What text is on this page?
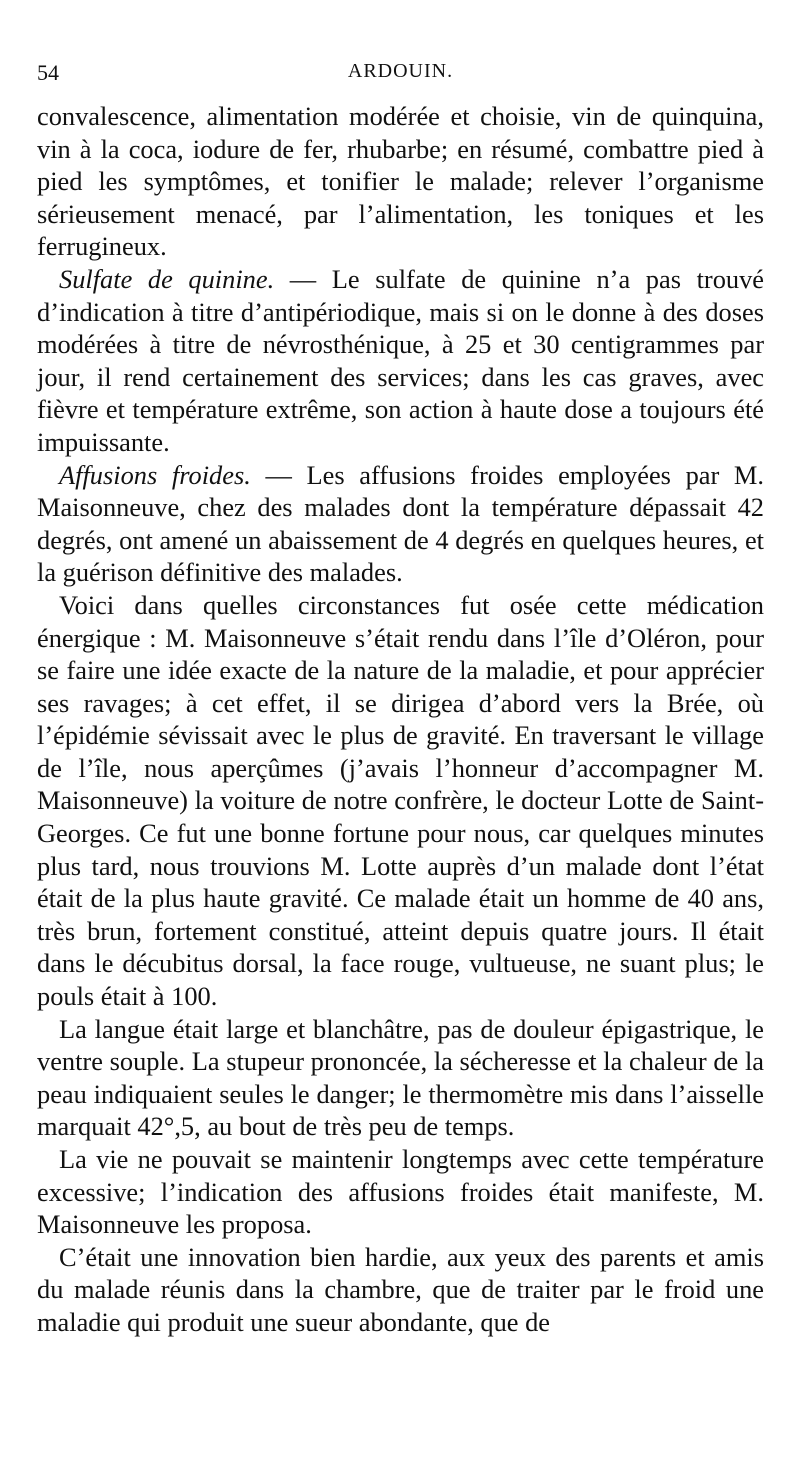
54	ARDOUIN.

convalescence, alimentation modérée et choisie, vin de quinquina, vin à la coca, iodure de fer, rhubarbe; en résumé, combattre pied à pied les symptômes, et tonifier le malade; relever l’organisme sérieusement menacé, par l’alimentation, les toniques et les ferrugineux.

Sulfate de quinine. — Le sulfate de quinine n’a pas trouvé d’indication à titre d’antipériodique, mais si on le donne à des doses modérées à titre de névrosthénique, à 25 et 30 centigrammes par jour, il rend certainement des services; dans les cas graves, avec fièvre et température extrême, son action à haute dose a toujours été impuissante.

Affusions froides. — Les affusions froides employées par M. Maisonneuve, chez des malades dont la température dépassait 42 degrés, ont amené un abaissement de 4 degrés en quelques heures, et la guérison définitive des malades.

Voici dans quelles circonstances fut osée cette médication énergique : M. Maisonneuve s’était rendu dans l’île d’Oléron, pour se faire une idée exacte de la nature de la maladie, et pour apprécier ses ravages; à cet effet, il se dirigea d’abord vers la Brée, où l’épidémie sévissait avec le plus de gravité. En traversant le village de l’île, nous aperçûmes (j’avais l’honneur d’accompagner M. Maisonneuve) la voiture de notre confrère, le docteur Lotte de Saint-Georges. Ce fut une bonne fortune pour nous, car quelques minutes plus tard, nous trouvions M. Lotte auprès d’un malade dont l’état était de la plus haute gravité. Ce malade était un homme de 40 ans, très brun, fortement constitué, atteint depuis quatre jours. Il était dans le décubitus dorsal, la face rouge, vultueuse, ne suant plus; le pouls était à 100.

La langue était large et blanchâtre, pas de douleur épigastrique, le ventre souple. La stupeur prononcée, la sécheresse et la chaleur de la peau indiquaient seules le danger; le thermomètre mis dans l’aisselle marquait 42°,5, au bout de très peu de temps.

La vie ne pouvait se maintenir longtemps avec cette température excessive; l’indication des affusions froides était manifeste, M. Maisonneuve les proposa.

C’était une innovation bien hardie, aux yeux des parents et amis du malade réunis dans la chambre, que de traiter par le froid une maladie qui produit une sueur abondante, que de
